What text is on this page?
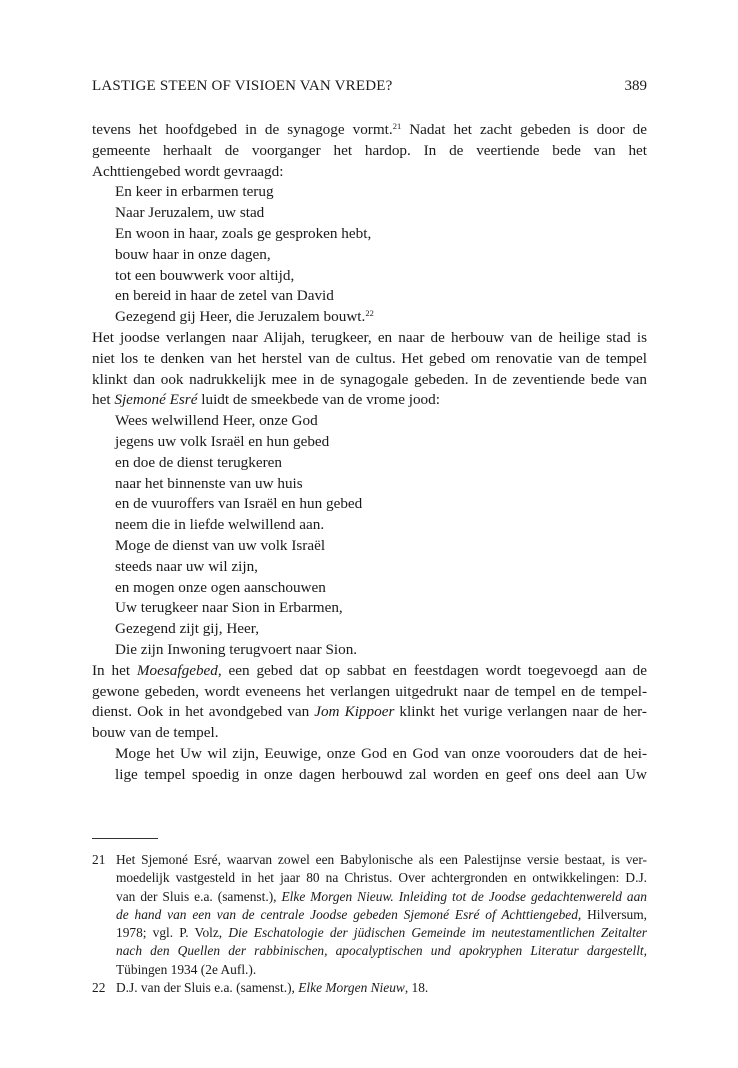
LASTIGE STEEN OF VISIOEN VAN VREDE?	389
tevens het hoofdgebed in de synagoge vormt.$^{21}$ Nadat het zacht gebeden is door de
gemeente herhaalt de voorganger het hardop. In de veertiende bede van het
Achttiengebed wordt gevraagd:
En keer in erbarmen terug
Naar Jeruzalem, uw stad
En woon in haar, zoals ge gesproken hebt,
bouw haar in onze dagen,
tot een bouwwerk voor altijd,
en bereid in haar de zetel van David
Gezegend gij Heer, die Jeruzalem bouwt.$^{22}$
Het joodse verlangen naar Alijah, terugkeer, en naar de herbouw van de heilige stad is
niet los te denken van het herstel van de cultus. Het gebed om renovatie van de tempel
klinkt dan ook nadrukkelijk mee in de synagogale gebeden. In de zeventiende bede van
het Sjemoné Esré luidt de smeekbede van de vrome jood:
Wees welwillend Heer, onze God
jegens uw volk Israël en hun gebed
en doe de dienst terugkeren
naar het binnenste van uw huis
en de vuuroffers van Israël en hun gebed
neem die in liefde welwillend aan.
Moge de dienst van uw volk Israël
steeds naar uw wil zijn,
en mogen onze ogen aanschouwen
Uw terugkeer naar Sion in Erbarmen,
Gezegend zijt gij, Heer,
Die zijn Inwoning terugvoert naar Sion.
In het Moesafgebed, een gebed dat op sabbat en feestdagen wordt toegevoegd aan de
gewone gebeden, wordt eveneens het verlangen uitgedrukt naar de tempel en de tempel-
dienst. Ook in het avondgebed van Jom Kippoer klinkt het vurige verlangen naar de her-
bouw van de tempel.
Moge het Uw wil zijn, Eeuwige, onze God en God van onze voorouders dat de hei-
lige tempel spoedig in onze dagen herbouwd zal worden en geef ons deel aan Uw
21 Het Sjemoné Esré, waarvan zowel een Babylonische als een Palestijnse versie bestaat, is ver-
moedelijk vastgesteld in het jaar 80 na Christus. Over achtergronden en ontwikkelingen: D.J.
van der Sluis e.a. (samenst.), Elke Morgen Nieuw. Inleiding tot de Joodse gedachtenwereld aan
de hand van een van de centrale Joodse gebeden Sjemoné Esré of Achttiengebed, Hilversum,
1978; vgl. P. Volz, Die Eschatologie der jüdischen Gemeinde im neutestamentlichen Zeitalter
nach den Quellen der rabbinischen, apocalyptischen und apokryphen Literatur dargestellt,
Tübingen 1934 (2e Aufl.).
22 D.J. van der Sluis e.a. (samenst.), Elke Morgen Nieuw, 18.
